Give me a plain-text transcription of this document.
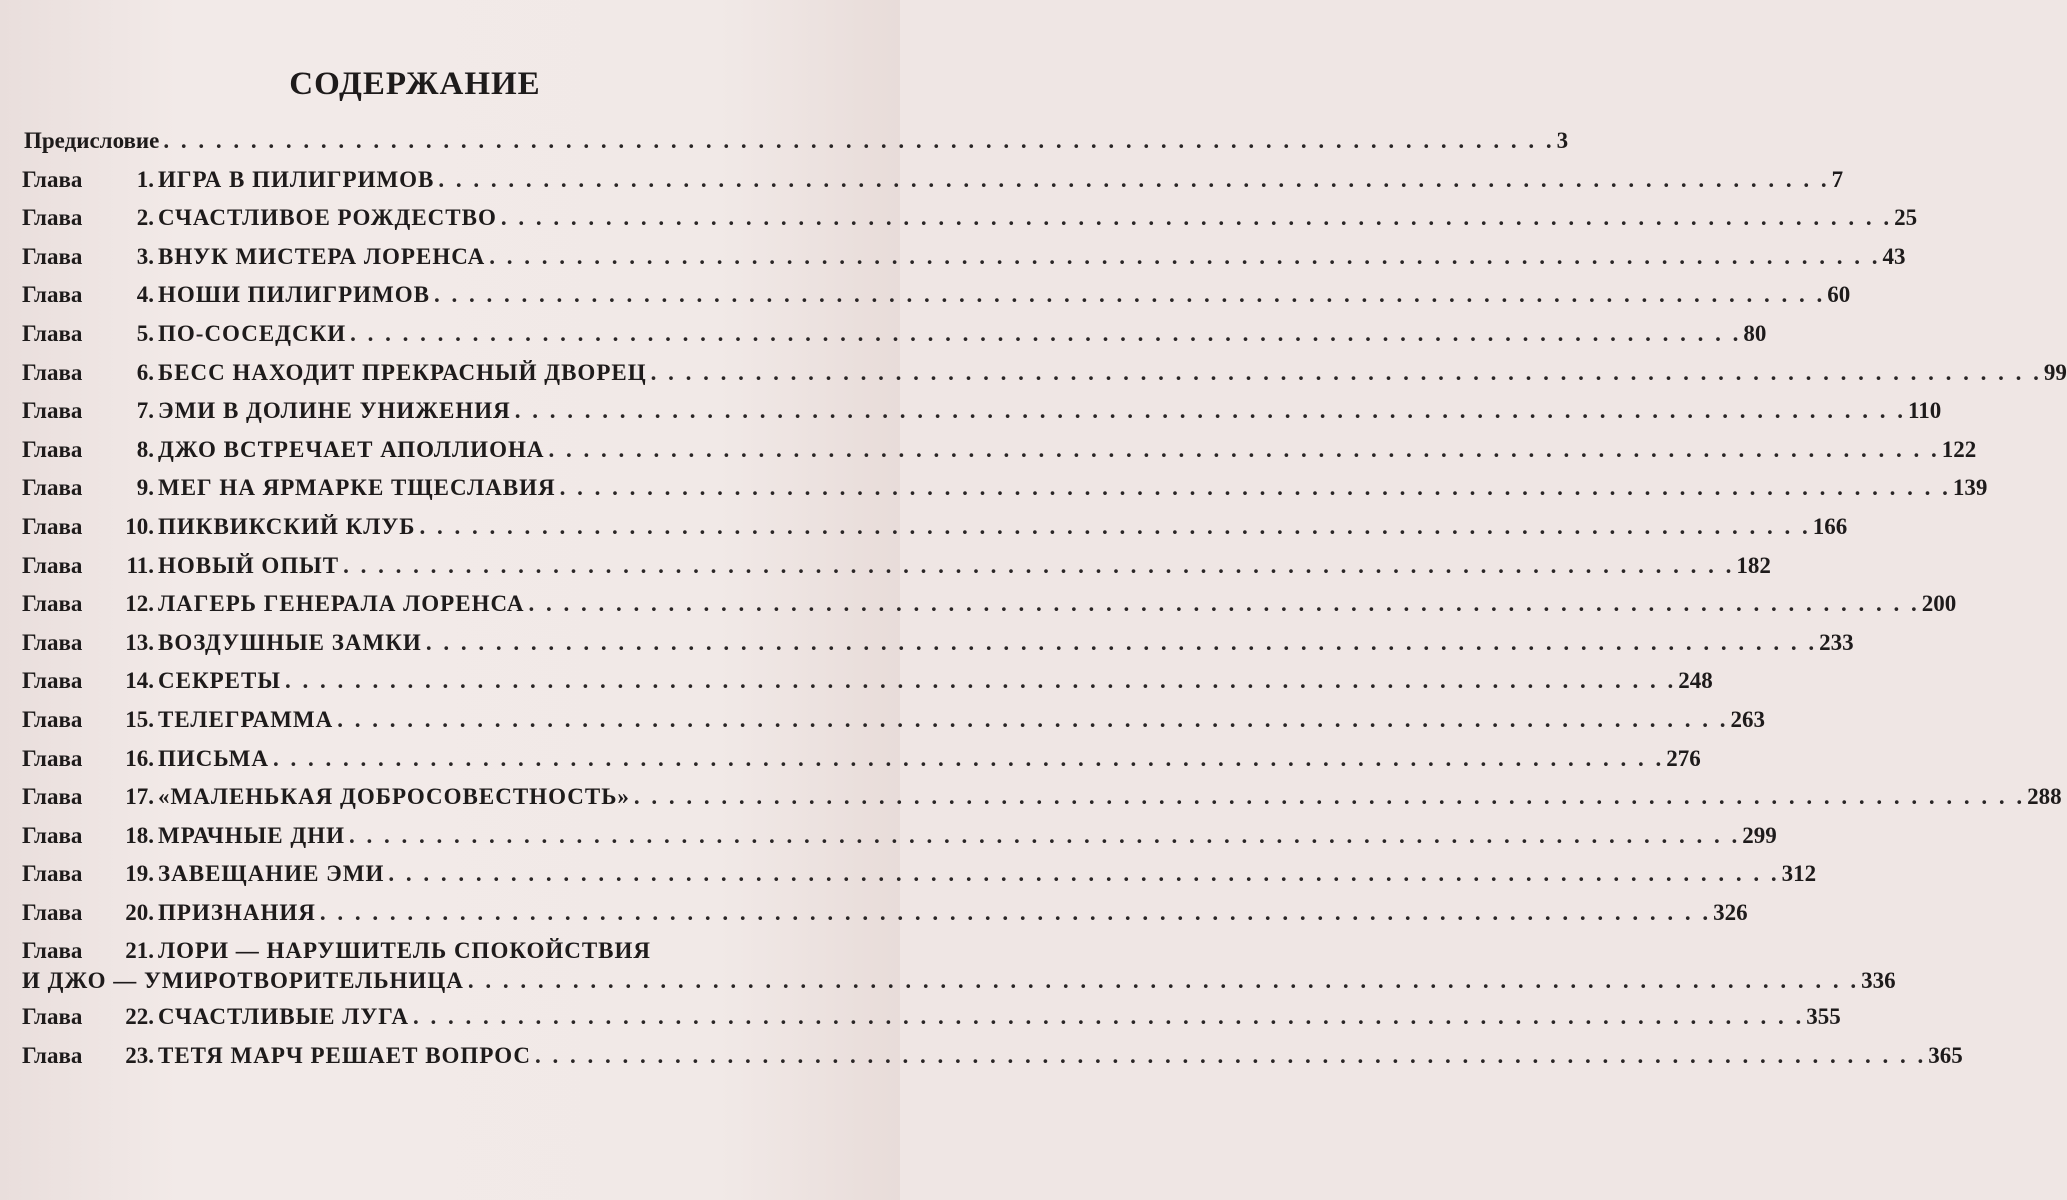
СОДЕРЖАНИЕ
Предисловие . . . . . . . . . . . . . . . . . . . . . . . . . . . . . . . . . . . . . . . . . . . . . . . . . . . . . . . . . . . . . . . . . . . . . . . . . . . . . . . . 3
Глава	1. ИГРА В ПИЛИГРИМОВ . . . . . . . . . . . . . . . . . . . . . . . . . . . . . . . . . . . . . . . . . . . . . . . . . . . . . . . . . . . . . . . . . . . . . . . . . . . . . . . . 7
Глава	2. СЧАСТЛИВОЕ РОЖДЕСТВО . . . . . . . . . . . . . . . . . . . . . . . . . . . . . . . . . . . . . . . . . . . . . . . . . . . . . . . . . . . . . . . . . . . . . . . . . . . . . . . . 25
Глава	3. ВНУК МИСТЕРА ЛОРЕНСА . . . . . . . . . . . . . . . . . . . . . . . . . . . . . . . . . . . . . . . . . . . . . . . . . . . . . . . . . . . . . . . . . . . . . . . . . . . . . . . . 43
Глава	4. НОШИ ПИЛИГРИМОВ . . . . . . . . . . . . . . . . . . . . . . . . . . . . . . . . . . . . . . . . . . . . . . . . . . . . . . . . . . . . . . . . . . . . . . . . . . . . . . . . 60
Глава	5. ПО-СОСЕДСКИ . . . . . . . . . . . . . . . . . . . . . . . . . . . . . . . . . . . . . . . . . . . . . . . . . . . . . . . . . . . . . . . . . . . . . . . . . . . . . . . . 80
Глава	6. БЕСС НАХОДИТ ПРЕКРАСНЫЙ ДВОРЕЦ . . . . . . . . . . . . . . . . . . . . . . . . . . . . . . . . . . . . . . . . . . . . . . . . . . . . . . . . . . . . . . . . . . . . . . . . . . . . . . . . 99
Глава	7. ЭМИ В ДОЛИНЕ УНИЖЕНИЯ . . . . . . . . . . . . . . . . . . . . . . . . . . . . . . . . . . . . . . . . . . . . . . . . . . . . . . . . . . . . . . . . . . . . . . . . . . . . . . . . 110
Глава	8. ДЖО ВСТРЕЧАЕТ АПОЛЛИОНА . . . . . . . . . . . . . . . . . . . . . . . . . . . . . . . . . . . . . . . . . . . . . . . . . . . . . . . . . . . . . . . . . . . . . . . . . . . . . . . . 122
Глава	9. МЕГ НА ЯРМАРКЕ ТЩЕСЛАВИЯ . . . . . . . . . . . . . . . . . . . . . . . . . . . . . . . . . . . . . . . . . . . . . . . . . . . . . . . . . . . . . . . . . . . . . . . . . . . . . . . . 139
Глава	10. ПИКВИКСКИЙ КЛУБ . . . . . . . . . . . . . . . . . . . . . . . . . . . . . . . . . . . . . . . . . . . . . . . . . . . . . . . . . . . . . . . . . . . . . . . . . . . . . . . . 166
Глава	11. НОВЫЙ ОПЫТ . . . . . . . . . . . . . . . . . . . . . . . . . . . . . . . . . . . . . . . . . . . . . . . . . . . . . . . . . . . . . . . . . . . . . . . . . . . . . . . . 182
Глава	12. ЛАГЕРЬ ГЕНЕРАЛА ЛОРЕНСА . . . . . . . . . . . . . . . . . . . . . . . . . . . . . . . . . . . . . . . . . . . . . . . . . . . . . . . . . . . . . . . . . . . . . . . . . . . . . . . . 200
Глава	13. ВОЗДУШНЫЕ ЗАМКИ . . . . . . . . . . . . . . . . . . . . . . . . . . . . . . . . . . . . . . . . . . . . . . . . . . . . . . . . . . . . . . . . . . . . . . . . . . . . . . . . 233
Глава	14. СЕКРЕТЫ . . . . . . . . . . . . . . . . . . . . . . . . . . . . . . . . . . . . . . . . . . . . . . . . . . . . . . . . . . . . . . . . . . . . . . . . . . . . . . . . 248
Глава	15. ТЕЛЕГРАММА . . . . . . . . . . . . . . . . . . . . . . . . . . . . . . . . . . . . . . . . . . . . . . . . . . . . . . . . . . . . . . . . . . . . . . . . . . . . . . . . 263
Глава	16. ПИСЬМА . . . . . . . . . . . . . . . . . . . . . . . . . . . . . . . . . . . . . . . . . . . . . . . . . . . . . . . . . . . . . . . . . . . . . . . . . . . . . . . . 276
Глава	17. «МАЛЕНЬКАЯ ДОБРОСОВЕСТНОСТЬ» . . . . . . . . . . . . . . . . . . . . . . . . . . . . . . . . . . . . . . . . . . . . . . . . . . . . . . . . . . . . . . . . . . . . . . . . . . . . . . . . 288
Глава	18. МРАЧНЫЕ ДНИ . . . . . . . . . . . . . . . . . . . . . . . . . . . . . . . . . . . . . . . . . . . . . . . . . . . . . . . . . . . . . . . . . . . . . . . . . . . . . . . . 299
Глава	19. ЗАВЕЩАНИЕ ЭМИ . . . . . . . . . . . . . . . . . . . . . . . . . . . . . . . . . . . . . . . . . . . . . . . . . . . . . . . . . . . . . . . . . . . . . . . . . . . . . . . . 312
Глава	20. ПРИЗНАНИЯ . . . . . . . . . . . . . . . . . . . . . . . . . . . . . . . . . . . . . . . . . . . . . . . . . . . . . . . . . . . . . . . . . . . . . . . . . . . . . . . . 326
Глава	21. ЛОРИ — НАРУШИТЕЛЬ СПОКОЙСТВИЯ
И ДЖО — УМИРОТВОРИТЕЛЬНИЦА . . . . . . . . . . . . . . . . . . . . . . . . . . . . . . . . . . . . . . . . . . . . . . . . . . . . . . . . . . . . . . . . . . . . . . . . . . . . . . . . 336
Глава	22. СЧАСТЛИВЫЕ ЛУГА . . . . . . . . . . . . . . . . . . . . . . . . . . . . . . . . . . . . . . . . . . . . . . . . . . . . . . . . . . . . . . . . . . . . . . . . . . . . . . . . 355
Глава	23. ТЕТЯ МАРЧ РЕШАЕТ ВОПРОС . . . . . . . . . . . . . . . . . . . . . . . . . . . . . . . . . . . . . . . . . . . . . . . . . . . . . . . . . . . . . . . . . . . . . . . . . . . . . . . . 365
